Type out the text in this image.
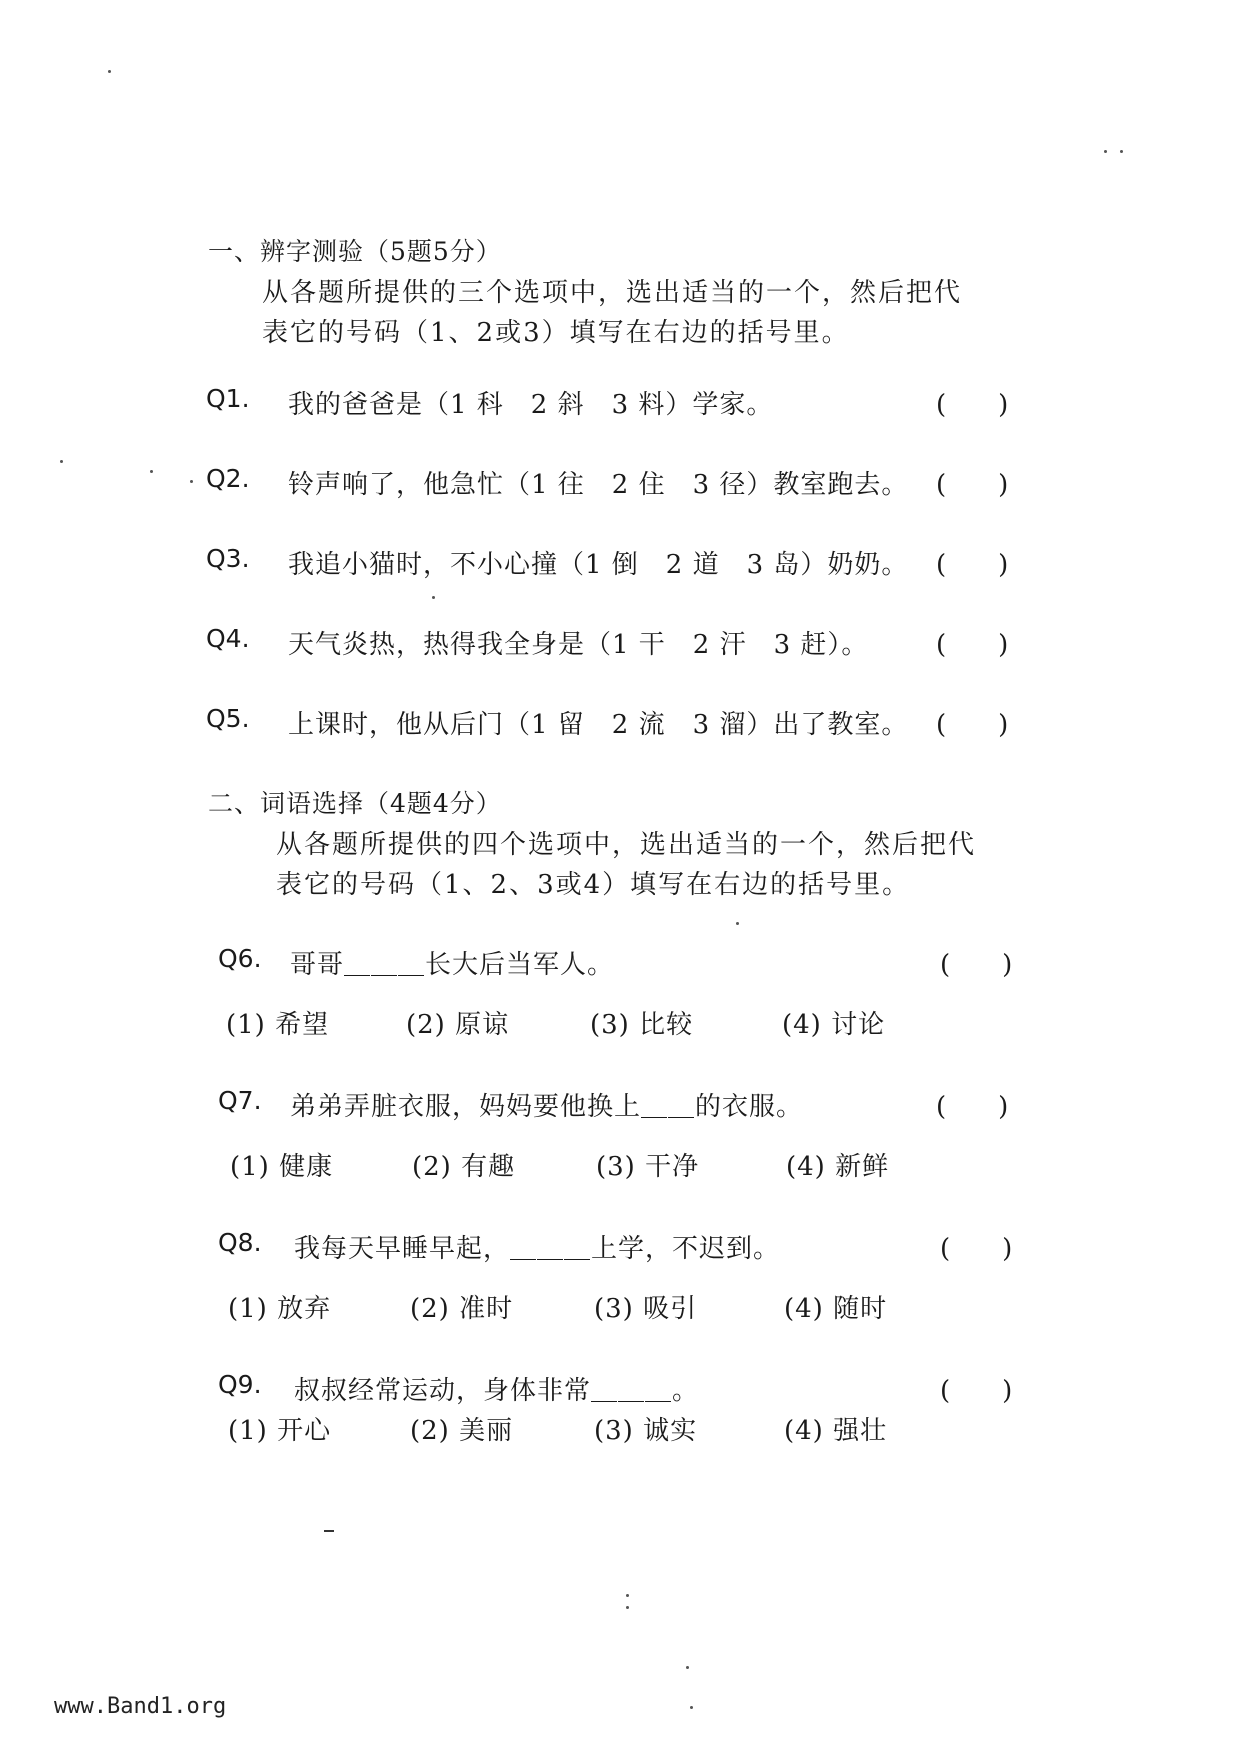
一、辨字测验（5题5分）
从各题所提供的三个选项中，选出适当的一个，然后把代
表它的号码（1、2或3）填写在右边的括号里。
Q1. 我的爸爸是（1 科　2 斜　3 料）学家。	(　　)
Q2. 铃声响了，他急忙（1 往　2 住　3 径）教室跑去。 (　　)
Q3. 我追小猫时，不小心撞（1 倒　2 道　3 岛）奶奶。 (　　)
Q4. 天气炎热，热得我全身是（1 干　2 汗　3 赶）。	(　　)
Q5. 上课时，他从后门（1 留　2 流　3 溜）出了教室。 (　　)
二、词语选择（4题4分）
从各题所提供的四个选项中，选出适当的一个，然后把代
表它的号码（1、2、3或4）填写在右边的括号里。
Q6. 哥哥＿＿＿长大后当军人。	(　　)
(1) 希望	(2) 原谅	(3) 比较	(4) 讨论
Q7. 弟弟弄脏衣服，妈妈要他换上＿＿的衣服。	(　　)
(1) 健康	(2) 有趣	(3) 干净	(4) 新鲜
Q8. 我每天早睡早起，＿＿＿上学，不迟到。	(　　)
(1) 放弃	(2) 准时	(3) 吸引	(4) 随时
Q9. 叔叔经常运动，身体非常＿＿＿。	(　　)
(1) 开心	(2) 美丽	(3) 诚实	(4) 强壮
www.Band1.org
